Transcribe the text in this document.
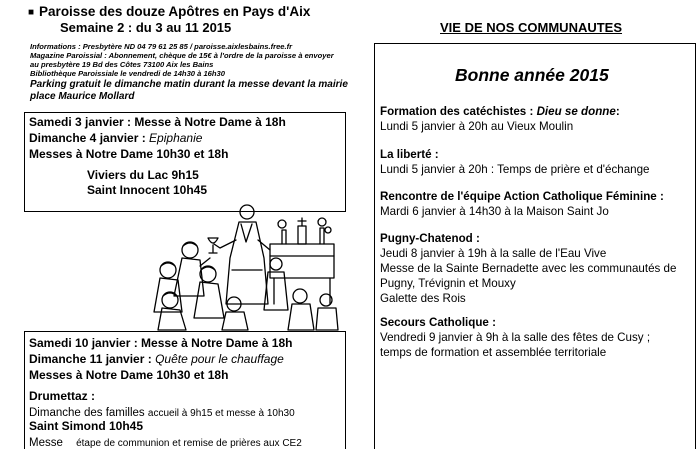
■ Paroisse des douze Apôtres en Pays d'Aix
Semaine 2 : du 3 au 11 2015
Informations : Presbytère ND 04 79 61 25 85 / paroisse.aixlesbains.free.fr
Magazine Paroissial : Abonnement, chèque de 15€ à l'ordre de la paroisse à envoyer
au presbytère 19 Bd des Côtes 73100 Aix les Bains
Bibliothèque Paroissiale le vendredi de 14h30 à 16h30
Parking gratuit le dimanche matin durant la messe devant la mairie
place Maurice Mollard
Samedi 3 janvier : Messe à Notre Dame à 18h
Dimanche 4 janvier : Epiphanie
Messes à Notre Dame 10h30 et 18h
Viviers du Lac 9h15
Saint Innocent 10h45
Samedi 10 janvier : Messe à Notre Dame à 18h
Dimanche 11 janvier : Quête pour le chauffage
Messes à Notre Dame 10h30 et 18h
Drumettaz :
Dimanche des familles accueil à 9h15 et messe à 10h30
Saint Simond 10h45
Messe    étape de communion et remise de prières aux CE2
VIE DE NOS COMMUNAUTES
Bonne année 2015
Formation des catéchistes : Dieu se donne:
Lundi 5 janvier à 20h au Vieux Moulin
La liberté :
Lundi 5 janvier à 20h : Temps de prière et d'échange
Rencontre de l'équipe Action Catholique Féminine :
Mardi 6 janvier à 14h30 à la Maison Saint Jo
Pugny-Chatenod :
Jeudi 8 janvier à 19h à la salle de l'Eau Vive
Messe de la Sainte Bernadette avec les communautés de
Pugny, Trévignin et Mouxy
Galette des Rois
Secours Catholique :
Vendredi 9 janvier à 9h à la salle des fêtes de Cusy ;
temps de formation et assemblée territoriale
